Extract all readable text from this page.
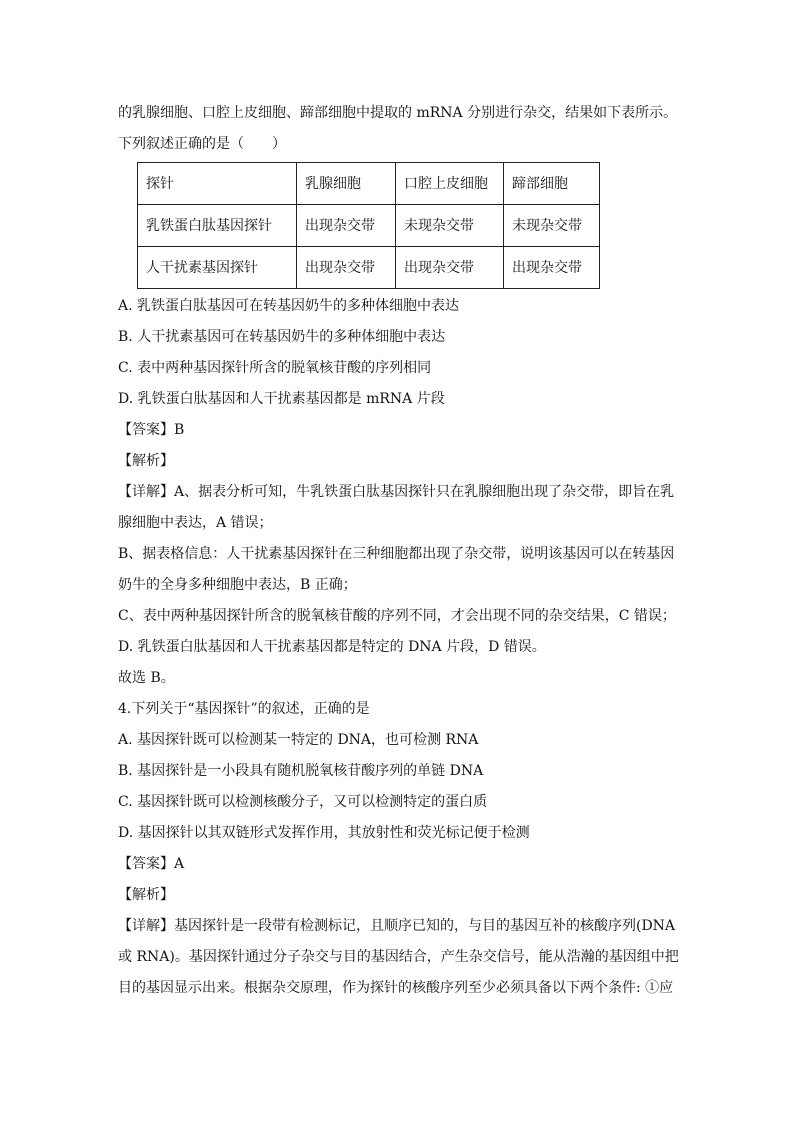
的乳腺细胞、口腔上皮细胞、蹄部细胞中提取的 mRNA 分别进行杂交，结果如下表所示。
下列叙述正确的是（　　）
探针	乳腺细胞	口腔上皮细胞	蹄部细胞
乳铁蛋白肽基因探针	出现杂交带	未现杂交带	未现杂交带
人干扰素基因探针	出现杂交带	出现杂交带	出现杂交带
A. 乳铁蛋白肽基因可在转基因奶牛的多种体细胞中表达
B. 人干扰素基因可在转基因奶牛的多种体细胞中表达
C. 表中两种基因探针所含的脱氧核苷酸的序列相同
D. 乳铁蛋白肽基因和人干扰素基因都是 mRNA 片段
【答案】B
【解析】
【详解】A、据表分析可知，牛乳铁蛋白肽基因探针只在乳腺细胞出现了杂交带，即旨在乳
腺细胞中表达，A 错误；
B、据表格信息：人干扰素基因探针在三种细胞都出现了杂交带，说明该基因可以在转基因
奶牛的全身多种细胞中表达，B 正确；
C、表中两种基因探针所含的脱氧核苷酸的序列不同，才会出现不同的杂交结果，C 错误；
D. 乳铁蛋白肽基因和人干扰素基因都是特定的 DNA 片段，D 错误。
故选 B。
4.下列关于“基因探针”的叙述，正确的是
A. 基因探针既可以检测某一特定的 DNA，也可检测 RNA
B. 基因探针是一小段具有随机脱氧核苷酸序列的单链 DNA
C. 基因探针既可以检测核酸分子，又可以检测特定的蛋白质
D. 基因探针以其双链形式发挥作用，其放射性和荧光标记便于检测
【答案】A
【解析】
【详解】基因探针是一段带有检测标记，且顺序已知的，与目的基因互补的核酸序列(DNA
或 RNA)。基因探针通过分子杂交与目的基因结合，产生杂交信号，能从浩瀚的基因组中把
目的基因显示出来。根据杂交原理，作为探针的核酸序列至少必须具备以下两个条件: ①应
